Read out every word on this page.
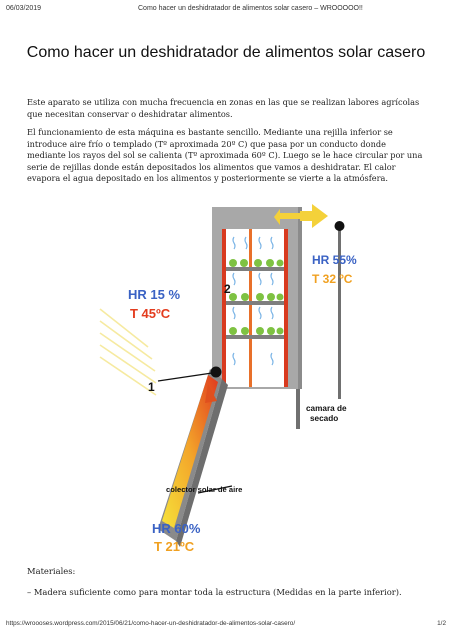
06/03/2019	Como hacer un deshidratador de alimentos solar casero – WROOOOO!!
Como hacer un deshidratador de alimentos solar casero

Este aparato se utiliza con mucha frecuencia en zonas en las que se realizan labores agrícolas que necesitan conservar o deshidratar alimentos.

El funcionamiento de esta máquina es bastante sencillo. Mediante una rejilla inferior se introduce aire frío o templado (Tº aproximada 20º C) que pasa por un conducto donde mediante los rayos del sol se calienta (Tº aproximada 60º C). Luego se le hace circular por una serie de rejillas donde están depositados los alimentos que vamos a deshidratar. El calor evapora el agua depositado en los alimentos y posteriormente se vierte a la atmósfera.

HR 15 %
T 45ºC
HR 55%
T 32 ºC
HR 60%
T 21ºC
1
2
camara de
secado
colector solar de aire
Materiales:
– Madera suficiente como para montar toda la estructura (Medidas en la parte inferior).
https://wroooses.wordpress.com/2015/06/21/como-hacer-un-deshidratador-de-alimentos-solar-casero/	1/2
